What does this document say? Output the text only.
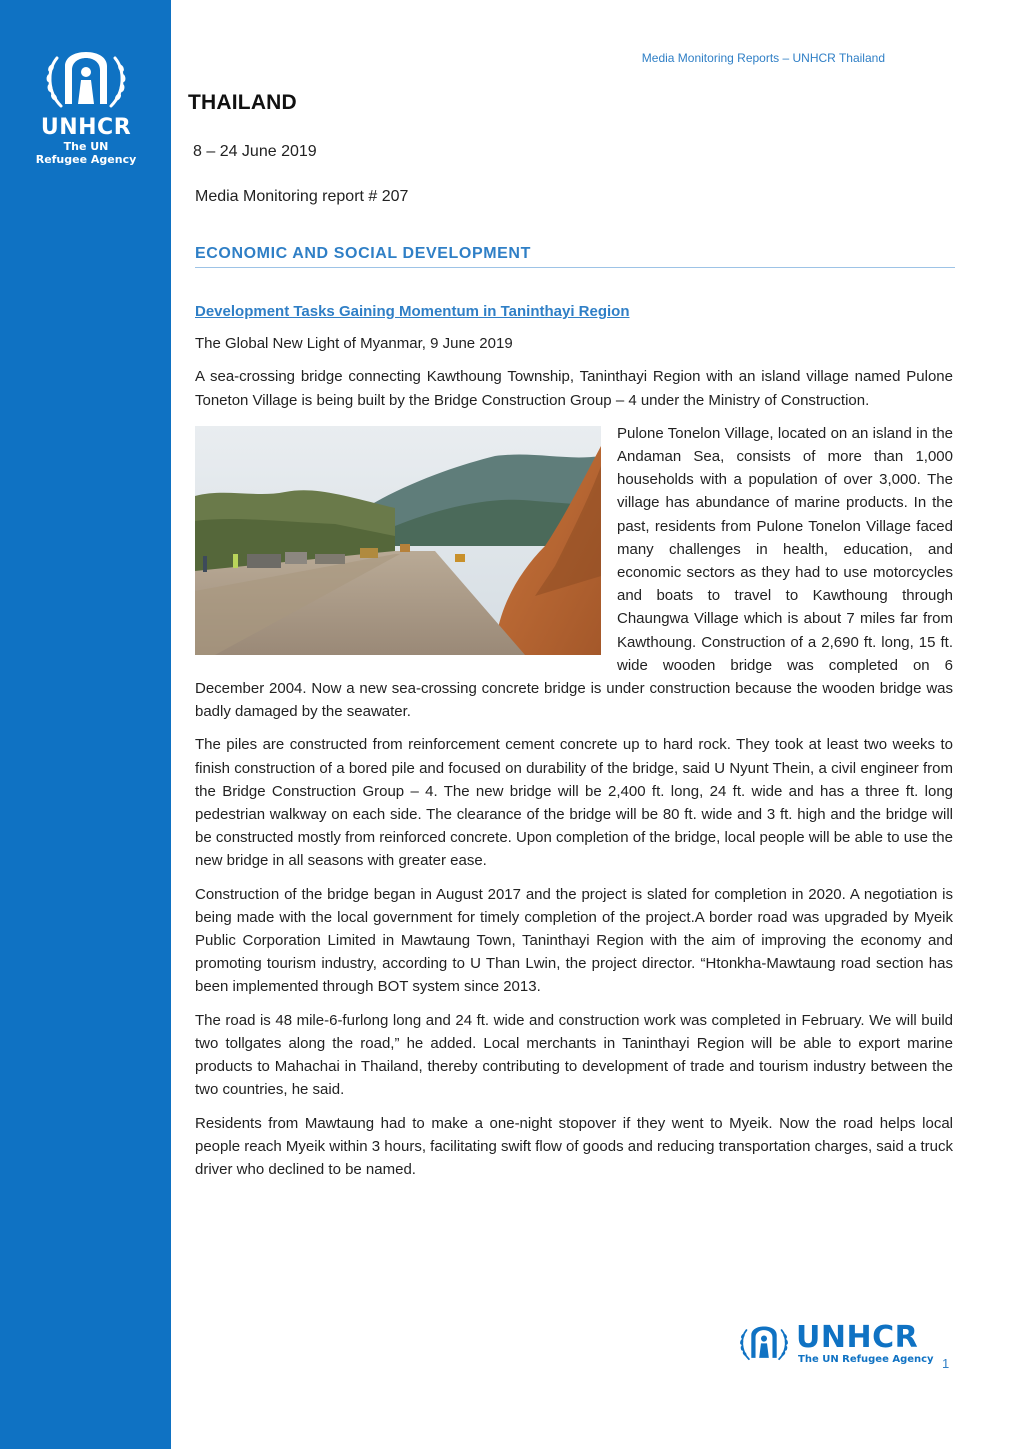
UNHCR
The UN
Refugee Agency
Media Monitoring Reports – UNHCR Thailand
THAILAND
8 – 24 June 2019
Media Monitoring report # 207
ECONOMIC AND SOCIAL DEVELOPMENT
Development Tasks Gaining Momentum in Taninthayi Region
The Global New Light of Myanmar, 9 June 2019

A sea-crossing bridge connecting Kawthoung Township, Taninthayi Region with an island village named Pulone Toneton Village is being built by the Bridge Construction Group – 4 under the Ministry of Construction.

Pulone Tonelon Village, located on an island in the Andaman Sea, consists of more than 1,000 households with a population of over 3,000. The village has abundance of marine products. In the past, residents from Pulone Tonelon Village faced many challenges in health, education, and economic sectors as they had to use motorcycles and boats to travel to Kawthoung through Chaungwa Village which is about 7 miles far from Kawthoung. Construction of a 2,690 ft. long, 15 ft. wide wooden bridge was completed on 6 December 2004. Now a new sea-crossing concrete bridge is under construction because the wooden bridge was badly damaged by the seawater.

The piles are constructed from reinforcement cement concrete up to hard rock. They took at least two weeks to finish construction of a bored pile and focused on durability of the bridge, said U Nyunt Thein, a civil engineer from the Bridge Construction Group – 4. The new bridge will be 2,400 ft. long, 24 ft. wide and has a three ft. long pedestrian walkway on each side. The clearance of the bridge will be 80 ft. wide and 3 ft. high and the bridge will be constructed mostly from reinforced concrete. Upon completion of the bridge, local people will be able to use the new bridge in all seasons with greater ease.

Construction of the bridge began in August 2017 and the project is slated for completion in 2020. A negotiation is being made with the local government for timely completion of the project.A border road was upgraded by Myeik Public Corporation Limited in Mawtaung Town, Taninthayi Region with the aim of improving the economy and promoting tourism industry, according to U Than Lwin, the project director. “Htonkha-Mawtaung road section has been implemented through BOT system since 2013.

The road is 48 mile-6-furlong long and 24 ft. wide and construction work was completed in February. We will build two tollgates along the road,” he added. Local merchants in Taninthayi Region will be able to export marine products to Mahachai in Thailand, thereby contributing to development of trade and tourism industry between the two countries, he said.

Residents from Mawtaung had to make a one-night stopover if they went to Myeik. Now the road helps local people reach Myeik within 3 hours, facilitating swift flow of goods and reducing transportation charges, said a truck driver who declined to be named.

UNHCR
The UN Refugee Agency 1
